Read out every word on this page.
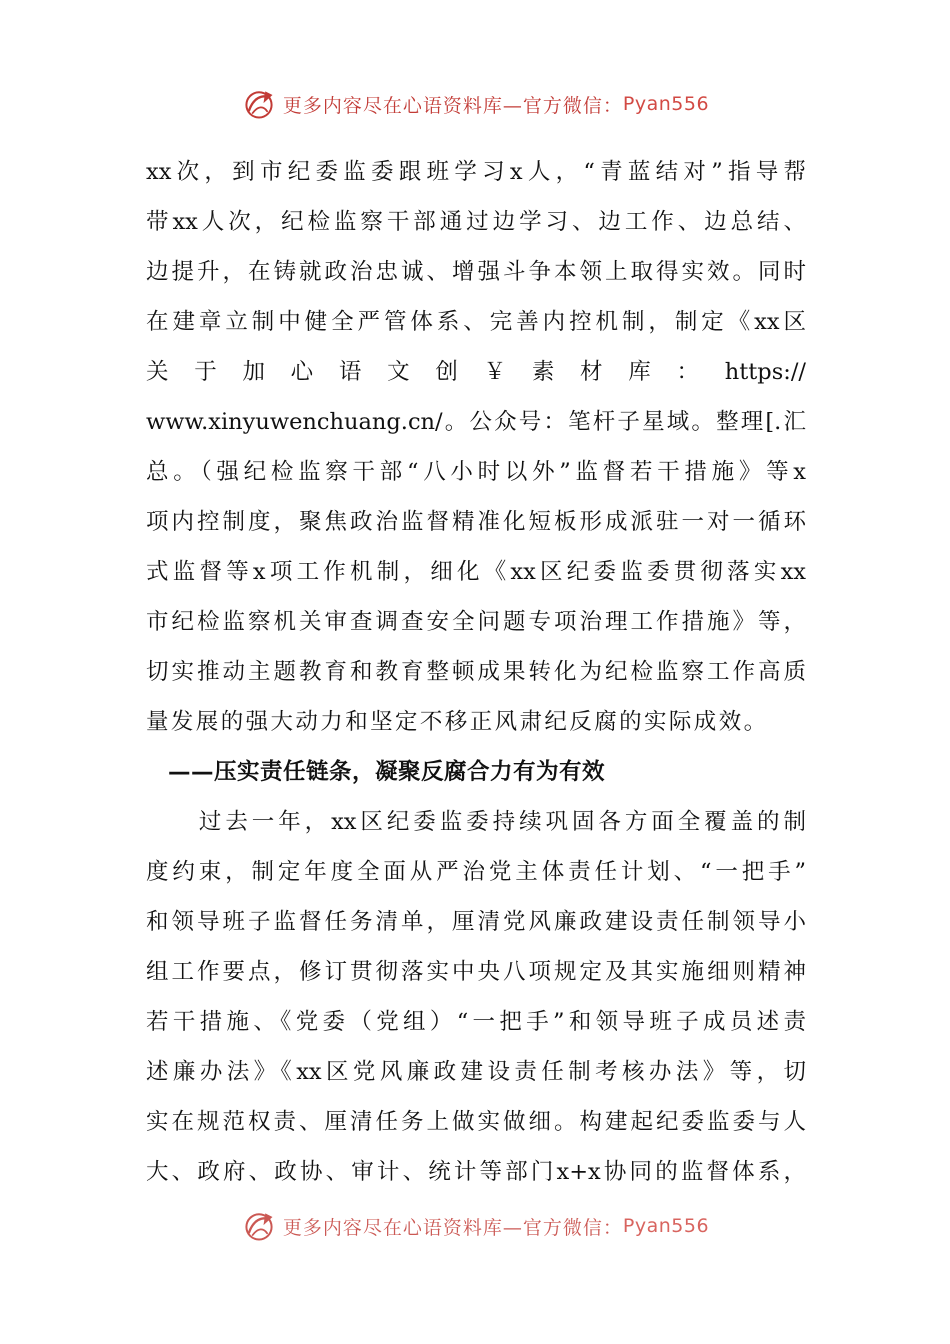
更多内容尽在心语资料库—官方微信： Pyan556
xx次，到市纪委监委跟班学习x人，“青蓝结对”指导帮
带xx人次，纪检监察干部通过边学习、边工作、边总结、
边提升，在铸就政治忠诚、增强斗争本领上取得实效。同时
在建章立制中健全严管体系、完善内控机制，制定《xx区
关 于 加 心 语 文 创 ￥ 素 材 库 ： https://
www.xinyuwenchuang.cn/。公众号：笔杆子星域。整理[.汇
总。（强纪检监察干部“八小时以外”监督若干措施》等x
项内控制度，聚焦政治监督精准化短板形成派驻一对一循环
式监督等x项工作机制，细化《xx区纪委监委贯彻落实xx
市纪检监察机关审查调查安全问题专项治理工作措施》等，
切实推动主题教育和教育整顿成果转化为纪检监察工作高质
量发展的强大动力和坚定不移正风肃纪反腐的实际成效。
——压实责任链条，凝聚反腐合力有为有效
　　过去一年，xx区纪委监委持续巩固各方面全覆盖的制
度约束，制定年度全面从严治党主体责任计划、“一把手”
和领导班子监督任务清单，厘清党风廉政建设责任制领导小
组工作要点，修订贯彻落实中央八项规定及其实施细则精神
若干措施、《党委（党组）“一把手”和领导班子成员述责
述廉办法》《xx区党风廉政建设责任制考核办法》等，切
实在规范权责、厘清任务上做实做细。构建起纪委监委与人
大、政府、政协、审计、统计等部门x+x协同的监督体系，
更多内容尽在心语资料库—官方微信： Pyan556
